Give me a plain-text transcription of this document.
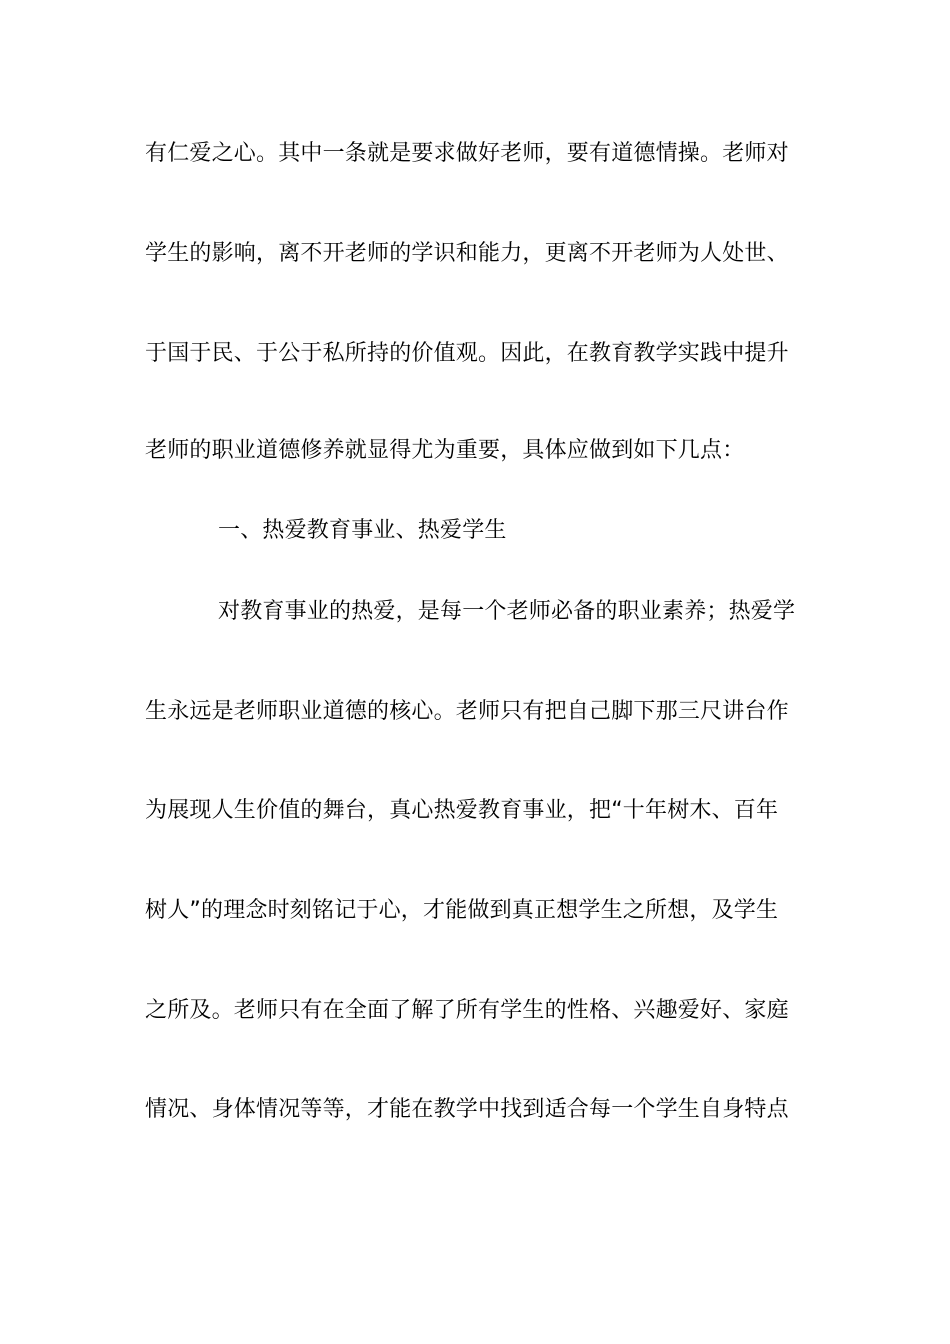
有仁爱之心。其中一条就是要求做好老师，要有道德情操。老师对
学生的影响，离不开老师的学识和能力，更离不开老师为人处世、
于国于民、于公于私所持的价值观。因此，在教育教学实践中提升
老师的职业道德修养就显得尤为重要，具体应做到如下几点：
一、热爱教育事业、热爱学生
对教育事业的热爱，是每一个老师必备的职业素养；热爱学
生永远是老师职业道德的核心。老师只有把自己脚下那三尺讲台作
为展现人生价值的舞台，真心热爱教育事业，把“十年树木、百年
树人”的理念时刻铭记于心，才能做到真正想学生之所想，及学生
之所及。老师只有在全面了解了所有学生的性格、兴趣爱好、家庭
情况、身体情况等等，才能在教学中找到适合每一个学生自身特点
